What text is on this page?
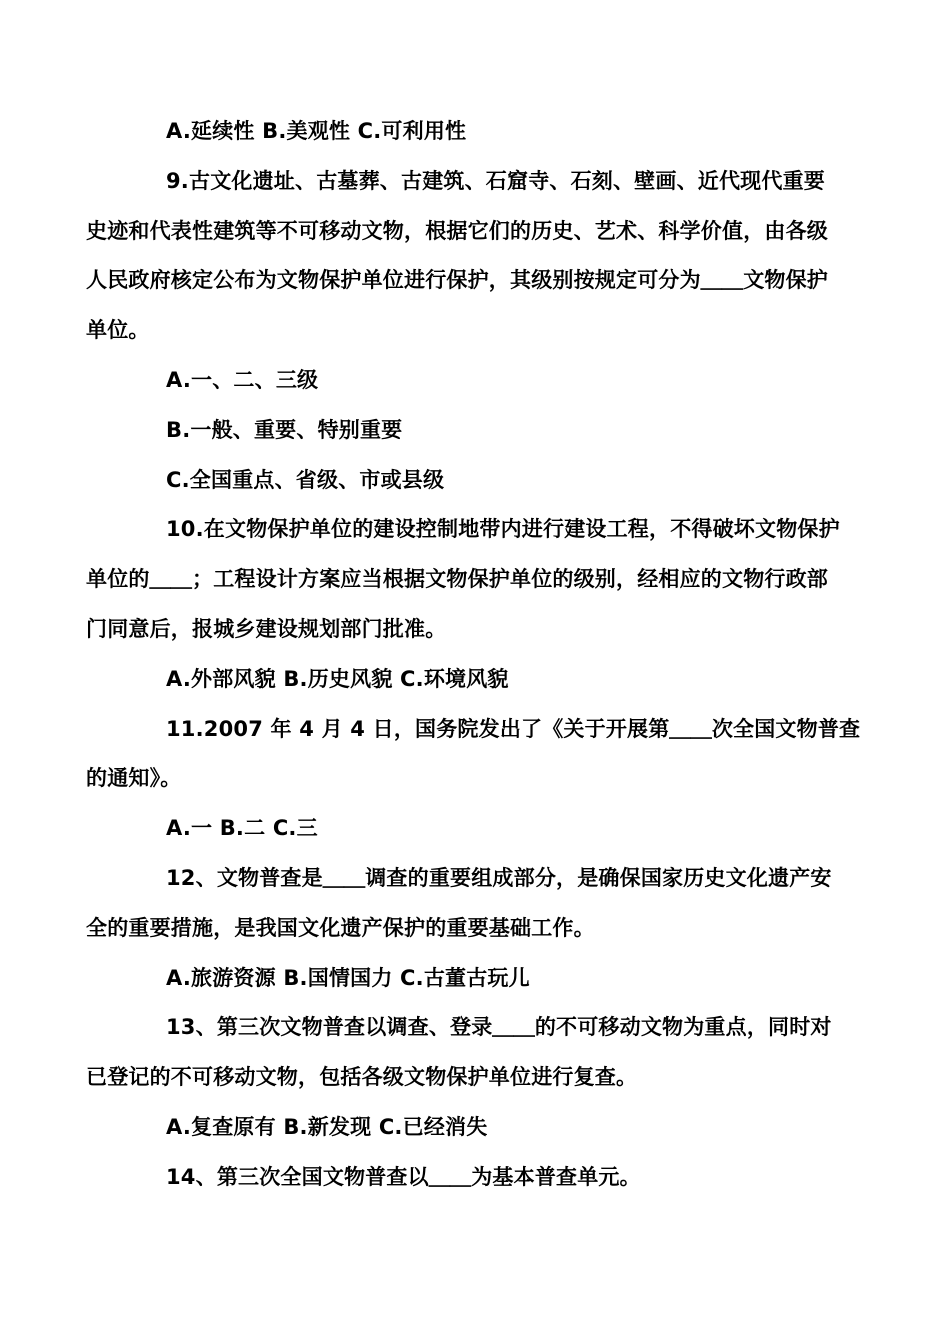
A.延续性 B.美观性 C.可利用性
9.古文化遗址、古墓葬、古建筑、石窟寺、石刻、壁画、近代现代重要
史迹和代表性建筑等不可移动文物，根据它们的历史、艺术、科学价值，由各级
人民政府核定公布为文物保护单位进行保护，其级别按规定可分为＿＿文物保护
单位。
A.一、二、三级
B.一般、重要、特别重要
C.全国重点、省级、市或县级
10.在文物保护单位的建设控制地带内进行建设工程，不得破坏文物保护
单位的＿＿；工程设计方案应当根据文物保护单位的级别，经相应的文物行政部
门同意后，报城乡建设规划部门批准。
A.外部风貌 B.历史风貌 C.环境风貌
11.2007 年 4 月 4 日，国务院发出了《关于开展第＿＿次全国文物普查
的通知》。
A.一 B.二 C.三
12、文物普查是＿＿调查的重要组成部分，是确保国家历史文化遗产安
全的重要措施，是我国文化遗产保护的重要基础工作。
A.旅游资源 B.国情国力 C.古董古玩儿
13、第三次文物普查以调查、登录＿＿的不可移动文物为重点，同时对
已登记的不可移动文物，包括各级文物保护单位进行复查。
A.复查原有 B.新发现 C.已经消失
14、第三次全国文物普查以＿＿为基本普查单元。
